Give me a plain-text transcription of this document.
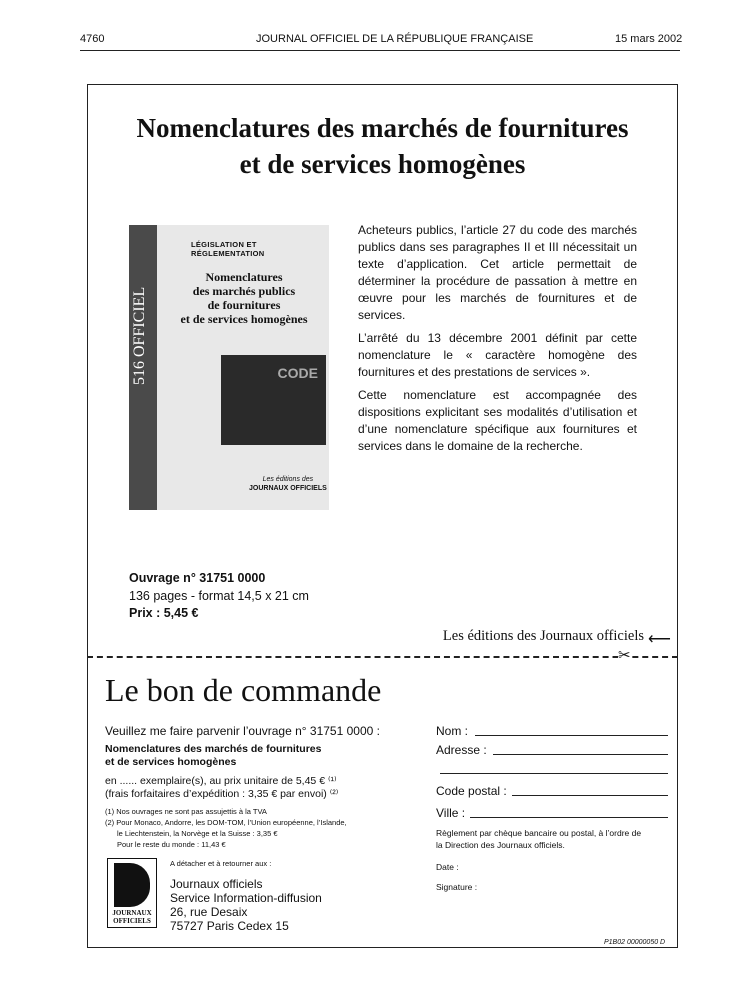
4760	JOURNAL OFFICIEL DE LA RÉPUBLIQUE FRANÇAISE	15 mars 2002
Nomenclatures des marchés de fournitures
et de services homogènes
516 OFFICIEL
LÉGISLATION ET RÉGLEMENTATION
Nomenclatures
des marchés publics
de fournitures
et de services homogènes
CODE
Les éditions des
JOURNAUX OFFICIELS
Acheteurs publics, l’article 27 du code des marchés publics dans ses paragraphes II et III nécessitait un texte d’application. Cet article permettait de déterminer la procédure de passation à mettre en œuvre pour les marchés de fournitures et de services.
L’arrêté du 13 décembre 2001 définit par cette nomenclature le « caractère homogène des fournitures et des prestations de services ».
Cette nomenclature est accompagnée des dispositions explicitant ses modalités d’utilisation et d’une nomenclature spécifique aux fournitures et services dans le domaine de la recherche.
Ouvrage n° 31751 0000
136 pages - format 14,5 x 21 cm
Prix : 5,45 €
Les éditions des Journaux officiels ⟵
✂
Le bon de commande
Veuillez me faire parvenir l’ouvrage n° 31751 0000 :
Nomenclatures des marchés de fournitures
et de services homogènes
en ...... exemplaire(s), au prix unitaire de 5,45 € ⁽¹⁾
(frais forfaitaires d’expédition : 3,35 € par envoi) ⁽²⁾
(1) Nos ouvrages ne sont pas assujettis à la TVA
(2) Pour Monaco, Andorre, les DOM-TOM, l’Union européenne, l’Islande,
le Liechtenstein, la Norvège et la Suisse : 3,35 €
Pour le reste du monde : 11,43 €
A détacher et à retourner aux :
JOURNAUX
OFFICIELS
Journaux officiels
Service Information-diffusion
26, rue Desaix
75727 Paris Cedex 15
Nom :
Adresse :
Code postal :
Ville :
Règlement par chèque bancaire ou postal, à l’ordre de
la Direction des Journaux officiels.
Date :
Signature :
P1B02 00000050 D
